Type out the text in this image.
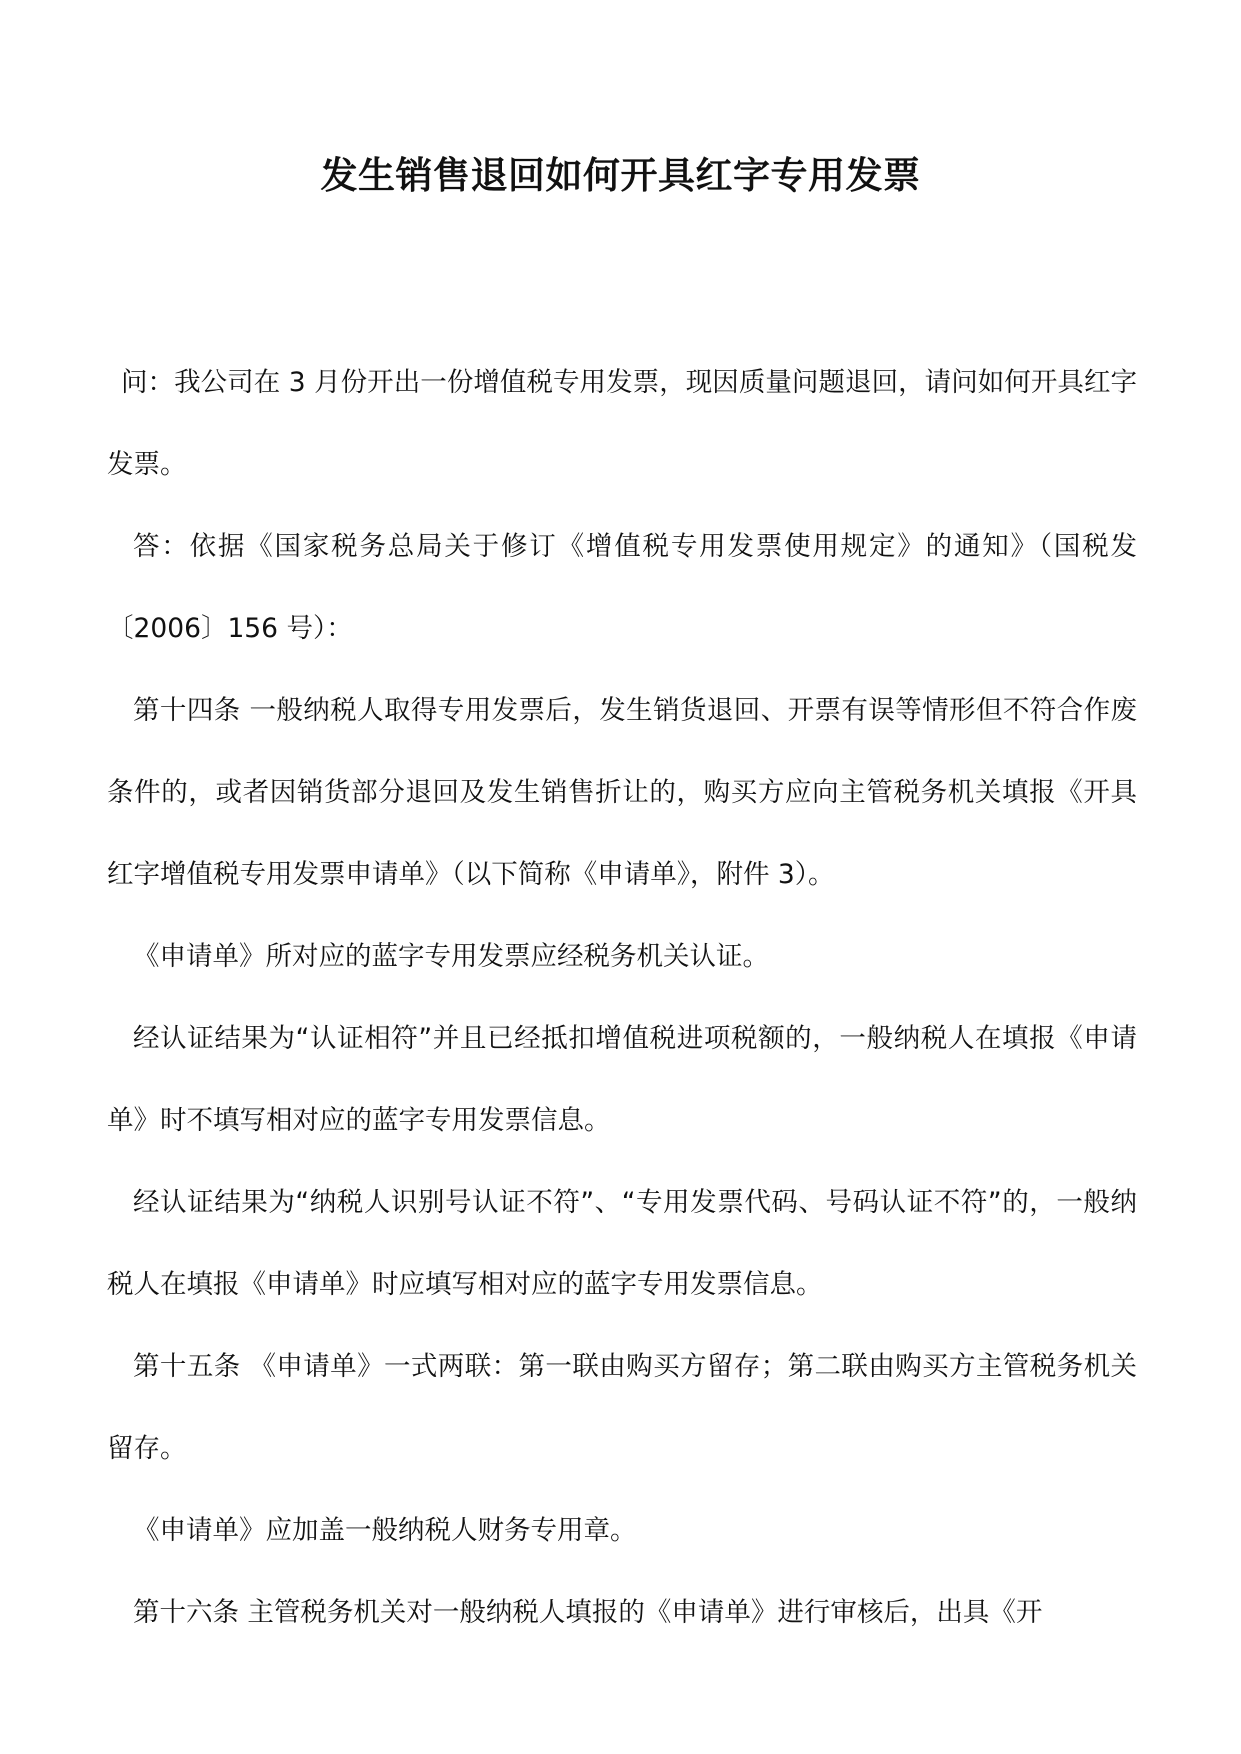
发生销售退回如何开具红字专用发票

问：我公司在 3 月份开出一份增值税专用发票，现因质量问题退回，请问如何开具红字发票。

答：依据《国家税务总局关于修订《增值税专用发票使用规定》的通知》（国税发〔2006〕156 号）：

第十四条 一般纳税人取得专用发票后，发生销货退回、开票有误等情形但不符合作废条件的，或者因销货部分退回及发生销售折让的，购买方应向主管税务机关填报《开具红字增值税专用发票申请单》（以下简称《申请单》，附件 3）。

《申请单》所对应的蓝字专用发票应经税务机关认证。

经认证结果为“认证相符”并且已经抵扣增值税进项税额的，一般纳税人在填报《申请单》时不填写相对应的蓝字专用发票信息。

经认证结果为“纳税人识别号认证不符”、“专用发票代码、号码认证不符”的，一般纳税人在填报《申请单》时应填写相对应的蓝字专用发票信息。

第十五条 《申请单》一式两联：第一联由购买方留存；第二联由购买方主管税务机关留存。

《申请单》应加盖一般纳税人财务专用章。

第十六条 主管税务机关对一般纳税人填报的《申请单》进行审核后，出具《开
